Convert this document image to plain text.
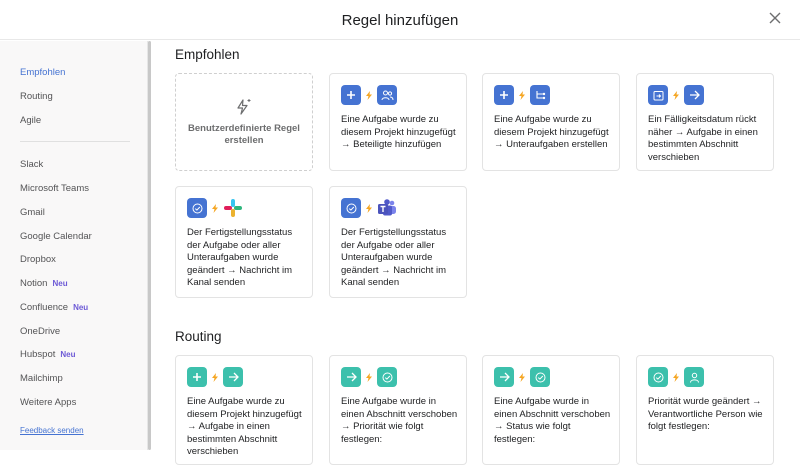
Regel hinzufügen
Empfohlen
Routing
Agile
Slack
Microsoft Teams
Gmail
Google Calendar
Dropbox
Notion Neu
Confluence Neu
OneDrive
Hubspot Neu
Mailchimp
Weitere Apps
Feedback senden
Empfohlen
Benutzerdefinierte Regel erstellen
Eine Aufgabe wurde zu diesem Projekt hinzugefügt → Beteiligte hinzufügen
Eine Aufgabe wurde zu diesem Projekt hinzugefügt → Unteraufgaben erstellen
Ein Fälligkeitsdatum rückt näher → Aufgabe in einen bestimmten Abschnitt verschieben
Der Fertigstellungsstatus der Aufgabe oder aller Unteraufgaben wurde geändert → Nachricht im Kanal senden
Der Fertigstellungsstatus der Aufgabe oder aller Unteraufgaben wurde geändert → Nachricht im Kanal senden
Routing
Eine Aufgabe wurde zu diesem Projekt hinzugefügt → Aufgabe in einen bestimmten Abschnitt verschieben
Eine Aufgabe wurde in einen Abschnitt verschoben → Priorität wie folgt festlegen:
Eine Aufgabe wurde in einen Abschnitt verschoben → Status wie folgt festlegen:
Priorität wurde geändert → Verantwortliche Person wie folgt festlegen:
